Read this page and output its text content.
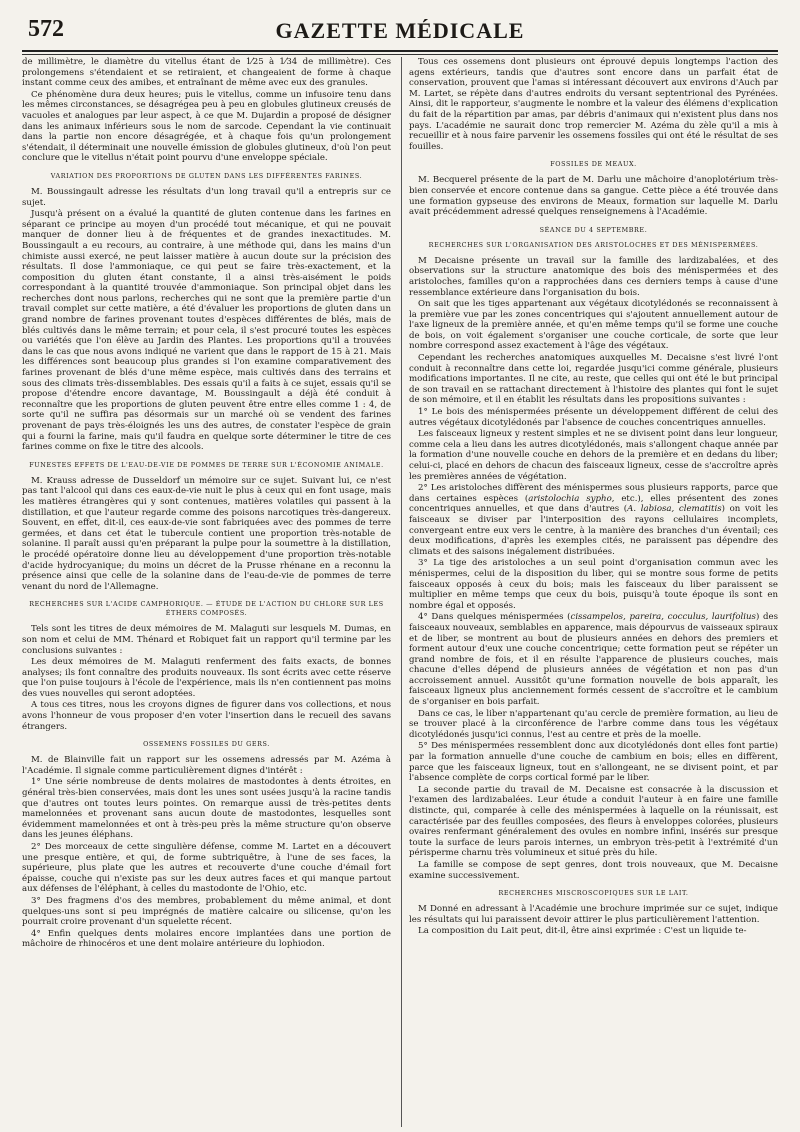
572	GAZETTE MÉDICALE

de millimètre, le diamètre du vitellus étant de 1⁄25 à 1⁄34 de millimètre). Ces prolongemens s'étendaient et se retiraient, et changeaient de forme à chaque instant comme ceux des amibes, et entraînant de même avec eux des granules.

Ce phénomène dura deux heures; puis le vitellus, comme un infusoire tenu dans les mêmes circonstances, se désagrégea peu à peu en globules glutineux creusés de vacuoles et analogues par leur aspect, à ce que M. Dujardin a proposé de désigner dans les animaux inférieurs sous le nom de sarcode. Cependant la vie continuait dans la partie non encore désagrégée, et à chaque fois qu'un prolongement s'étendait, il déterminait une nouvelle émission de globules glutineux, d'où l'on peut conclure que le vitellus n'était point pourvu d'une enveloppe spéciale.

VARIATION DES PROPORTIONS DE GLUTEN DANS LES DIFFÉRENTES FARINES.

M. Boussingault adresse les résultats d'un long travail qu'il a entrepris sur ce sujet.

Jusqu'à présent on a évalué la quantité de gluten contenue dans les farines en séparant ce principe au moyen d'un procédé tout mécanique, et qui ne pouvait manquer de donner lieu à de fréquentes et de grandes inexactitudes. M. Boussingault a eu recours, au contraire, à une méthode qui, dans les mains d'un chimiste aussi exercé, ne peut laisser matière à aucun doute sur la précision des résultats. Il dose l'ammoniaque, ce qui peut se faire très-exactement, et la composition du gluten étant constante, il a ainsi très-aisément le poids correspondant à la quantité trouvée d'ammoniaque. Son principal objet dans les recherches dont nous parlons, recherches qui ne sont que la première partie d'un travail complet sur cette matière, a été d'évaluer les proportions de gluten dans un grand nombre de farines provenant toutes d'espèces différentes de blés, mais de blés cultivés dans le même terrain; et pour cela, il s'est procuré toutes les espèces ou variétés que l'on élève au Jardin des Plantes. Les proportions qu'il a trouvées dans le cas que nous avons indiqué ne varient que dans le rapport de 15 à 21. Mais les différences sont beaucoup plus grandes si l'on examine comparativement des farines provenant de blés d'une même espèce, mais cultivés dans des terrains et sous des climats très-dissemblables. Des essais qu'il a faits à ce sujet, essais qu'il se propose d'étendre encore davantage, M. Boussingault a déjà été conduit à reconnaître que les proportions de gluten peuvent être entre elles comme 1 : 4, de sorte qu'il ne suffira pas désormais sur un marché où se vendent des farines provenant de pays très-éloignés les uns des autres, de constater l'espèce de grain qui a fourni la farine, mais qu'il faudra en quelque sorte déterminer le titre de ces farines comme on fixe le titre des alcools.

FUNESTES EFFETS DE L'EAU-DE-VIE DE POMMES DE TERRE SUR L'ÉCONOMIE ANIMALE.

M. Krauss adresse de Dusseldorf un mémoire sur ce sujet. Suivant lui, ce n'est pas tant l'alcool qui dans ces eaux-de-vie nuit le plus à ceux qui en font usage, mais les matières étrangères qui y sont contenues, matières volatiles qui passent à la distillation, et que l'auteur regarde comme des poisons narcotiques très-dangereux. Souvent, en effet, dit-il, ces eaux-de-vie sont fabriquées avec des pommes de terre germées, et dans cet état le tubercule contient une proportion très-notable de solanine. Il paraît aussi qu'en préparant la pulpe pour la soumettre à la distillation, le procédé opératoire donne lieu au développement d'une proportion très-notable d'acide hydrocyanique; du moins un décret de la Prusse rhénane en a reconnu la présence ainsi que celle de la solanine dans de l'eau-de-vie de pommes de terre venant du nord de l'Allemagne.

RECHERCHES SUR L'ACIDE CAMPHORIQUE. — ÉTUDE DE L'ACTION DU CHLORE SUR LES ÉTHERS COMPOSÉS.

Tels sont les titres de deux mémoires de M. Malaguti sur lesquels M. Dumas, en son nom et celui de MM. Thénard et Robiquet fait un rapport qu'il termine par les conclusions suivantes :

Les deux mémoires de M. Malaguti renferment des faits exacts, de bonnes analyses; ils font connaître des produits nouveaux. Ils sont écrits avec cette réserve que l'on puise toujours à l'école de l'expérience, mais ils n'en contiennent pas moins des vues nouvelles qui seront adoptées.

A tous ces titres, nous les croyons dignes de figurer dans vos collections, et nous avons l'honneur de vous proposer d'en voter l'insertion dans le recueil des savans étrangers.

OSSEMENS FOSSILES DU GERS.

M. de Blainville fait un rapport sur les ossemens adressés par M. Azéma à l'Académie. Il signale comme particulièrement dignes d'intérêt :

1° Une série nombreuse de dents molaires de mastodontes à dents étroites, en général très-bien conservées, mais dont les unes sont usées jusqu'à la racine tandis que d'autres ont toutes leurs pointes. On remarque aussi de très-petites dents mamelonnées et provenant sans aucun doute de mastodontes, lesquelles sont évidemment mamelonnées et ont à très-peu près la même structure qu'on observe dans les jeunes éléphans.

2° Des morceaux de cette singulière défense, comme M. Lartet en a découvert une presque entière, et qui, de forme subtriquêtre, à l'une de ses faces, la supérieure, plus plate que les autres et recouverte d'une couche d'émail fort épaisse, couche qui n'existe pas sur les deux autres faces et qui manque partout aux défenses de l'éléphant, à celles du mastodonte de l'Ohio, etc.

3° Des fragmens d'os des membres, probablement du même animal, et dont quelques-uns sont si peu imprégnés de matière calcaire ou silicense, qu'on les pourrait croire provenant d'un squelette récent.

4° Enfin quelques dents molaires encore implantées dans une portion de mâchoire de rhinocéros et une dent molaire antérieure du lophiodon.

Tous ces ossemens dont plusieurs ont éprouvé depuis longtemps l'action des agens extérieurs, tandis que d'autres sont encore dans un parfait état de conservation, prouvent que l'amas si intéressant découvert aux environs d'Auch par M. Lartet, se répète dans d'autres endroits du versant septentrional des Pyrénées. Ainsi, dit le rapporteur, s'augmente le nombre et la valeur des élémens d'explication du fait de la répartition par amas, par débris d'animaux qui n'existent plus dans nos pays. L'académie ne saurait donc trop remercier M. Azéma du zèle qu'il a mis à recueillir et à nous faire parvenir les ossemens fossiles qui ont été le résultat de ses fouilles.

FOSSILES DE MEAUX.

M. Becquerel présente de la part de M. Darlu une mâchoire d'anoplotérium très-bien conservée et encore contenue dans sa gangue. Cette pièce a été trouvée dans une formation gypseuse des environs de Meaux, formation sur laquelle M. Darlu avait précédemment adressé quelques renseignemens à l'Académie.

SÉANCE DU 4 SEPTEMBRE.
RECHERCHES SUR L'ORGANISATION DES ARISTOLOCHES ET DES MÉNISPERMÉES.

M Decaisne présente un travail sur la famille des lardizabalées, et des observations sur la structure anatomique des bois des ménispermées et des aristoloches, familles qu'on a rapprochées dans ces derniers temps à cause d'une ressemblance extérieure dans l'organisation du bois.

On sait que les tiges appartenant aux végétaux dicotylédonés se reconnaissent à la première vue par les zones concentriques qui s'ajoutent annuellement autour de l'axe ligneux de la première année, et qu'en même temps qu'il se forme une couche de bois, on voit également s'organiser une couche corticale, de sorte que leur nombre correspond assez exactement à l'âge des végétaux.

Cependant les recherches anatomiques auxquelles M. Decaisne s'est livré l'ont conduit à reconnaître dans cette loi, regardée jusqu'ici comme générale, plusieurs modifications importantes. Il ne cite, au reste, que celles qui ont été le but principal de son travail en se rattachant directement à l'histoire des plantes qui font le sujet de son mémoire, et il en établit les résultats dans les propositions suivantes :

1° Le bois des ménispermées présente un développement différent de celui des autres végétaux dicotylédonés par l'absence de couches concentriques annuelles.

Les faisceaux ligneux y restent simples et ne se divisent point dans leur longueur, comme cela a lieu dans les autres dicotylédonés, mais s'allongent chaque année par la formation d'une nouvelle couche en dehors de la première et en dedans du liber; celui-ci, placé en dehors de chacun des faisceaux ligneux, cesse de s'accroître après les premières années de végétation.

2° Les aristoloches diffèrent des ménispermes sous plusieurs rapports, parce que dans certaines espèces (aristolochia sypho, etc.), elles présentent des zones concentriques annuelles, et que dans d'autres (A. labiosa, clematitis) on voit les faisceaux se diviser par l'interposition des rayons cellulaires incomplets, convergeant entre eux vers le centre, à la manière des branches d'un éventail; ces deux modifications, d'après les exemples cités, ne paraissent pas dépendre des climats et des saisons inégalement distribuées.

3° La tige des aristoloches a un seul point d'organisation commun avec les ménispermes, celui de la disposition du liber, qui se montre sous forme de petits faisceaux opposés à ceux du bois; mais les faisceaux du liber paraissent se multiplier en même temps que ceux du bois, puisqu'à toute époque ils sont en nombre égal et opposés.

4° Dans quelques ménispermées (cissampelos, pareira, cocculus, laurifolius) des faisceaux nouveaux, semblables en apparence, mais dépourvus de vaisseaux spiraux et de liber, se montrent au bout de plusieurs années en dehors des premiers et forment autour d'eux une couche concentrique; cette formation peut se répéter un grand nombre de fois, et il en résulte l'apparence de plusieurs couches, mais chacune d'elles dépend de plusieurs années de végétation et non pas d'un accroissement annuel. Aussitôt qu'une formation nouvelle de bois apparaît, les faisceaux ligneux plus anciennement formés cessent de s'accroître et le cambium de s'organiser en bois parfait.

Dans ce cas, le liber n'appartenant qu'au cercle de première formation, au lieu de se trouver placé à la circonférence de l'arbre comme dans tous les végétaux dicotylédonés jusqu'ici connus, l'est au centre et près de la moelle.

5° Des ménispermées ressemblent donc aux dicotylédonés dont elles font partie) par la formation annuelle d'une couche de cambium en bois; elles en diffèrent, parce que les faisceaux ligneux, tout en s'allongeant, ne se divisent point, et par l'absence complète de corps cortical formé par le liber.

La seconde partie du travail de M. Decaisne est consacrée à la discussion et l'examen des lardizabalées. Leur étude a conduit l'auteur à en faire une famille distincte, qui, comparée à celle des ménispermées à laquelle on la réunissait, est caractérisée par des feuilles composées, des fleurs à enveloppes colorées, plusieurs ovaires renfermant généralement des ovules en nombre infini, insérés sur presque toute la surface de leurs parois internes, un embryon très-petit à l'extrémité d'un périsperme charnu très volumineux et situé près du hile.

La famille se compose de sept genres, dont trois nouveaux, que M. Decaisne examine successivement.

RECHERCHES MISCROSCOPIQUES SUR LE LAIT.

M Donné en adressant à l'Académie une brochure imprimée sur ce sujet, indique les résultats qui lui paraissent devoir attirer le plus particulièrement l'attention.

La composition du Lait peut, dit-il, être ainsi exprimée : C'est un liquide te-
